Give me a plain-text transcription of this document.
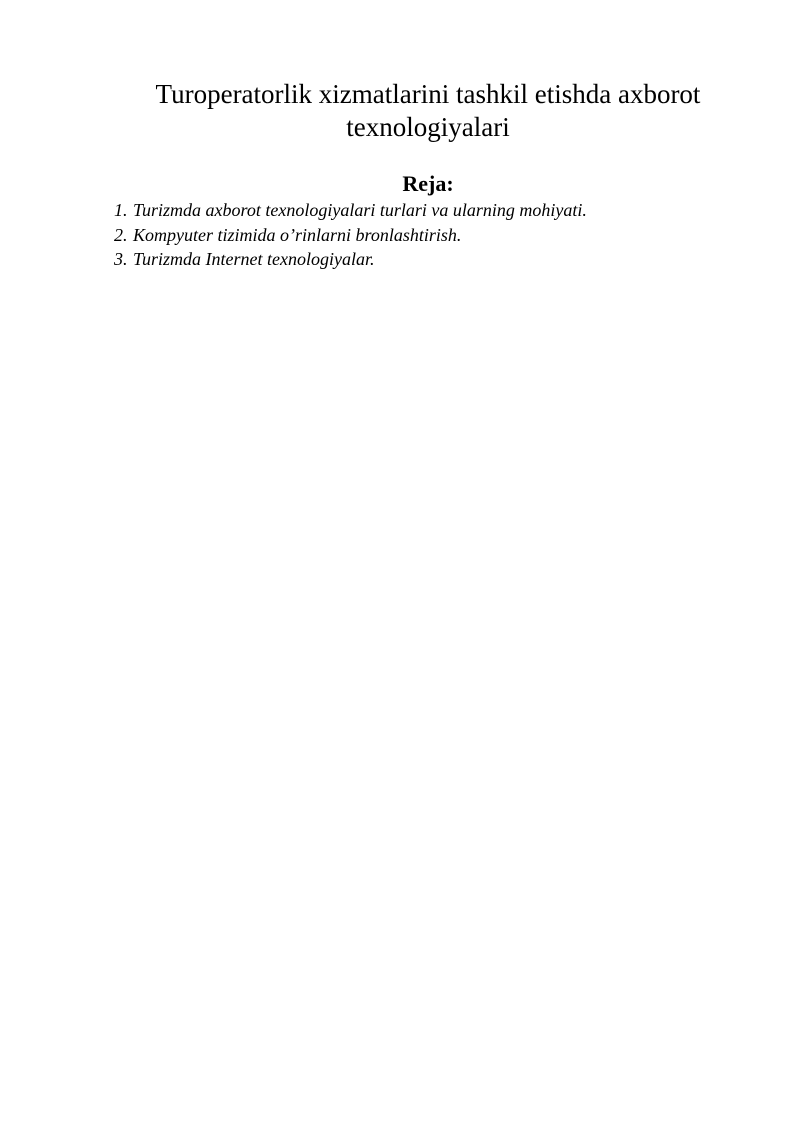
Turoperatorlik xizmatlarini tashkil etishda axborot texnologiyalari
Reja:
1. Turizmda axborot texnologiyalari turlari va ularning mohiyati.
2. Kompyuter tizimida o’rinlarni bronlashtirish.
3. Turizmda Internet texnologiyalar.
